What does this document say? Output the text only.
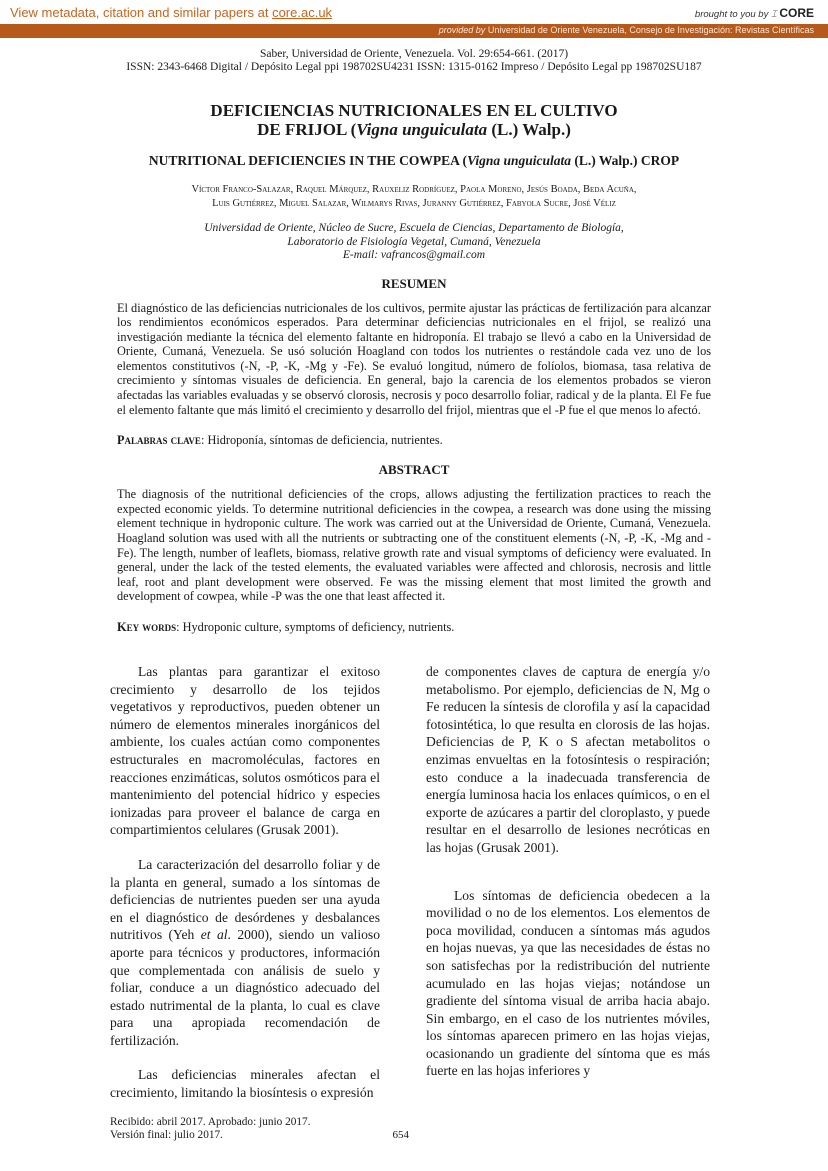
View metadata, citation and similar papers at core.ac.uk	brought to you by ⌶ CORE
provided by Universidad de Oriente Venezuela, Consejo de Investigación: Revistas Científicas
Saber, Universidad de Oriente, Venezuela. Vol. 29:654-661. (2017)
ISSN: 2343-6468 Digital / Depósito Legal ppi 198702SU4231 ISSN: 1315-0162 Impreso / Depósito Legal pp 198702SU187
DEFICIENCIAS NUTRICIONALES EN EL CULTIVO
DE FRIJOL (Vigna unguiculata (L.) Walp.)
NUTRITIONAL DEFICIENCIES IN THE COWPEA (Vigna unguiculata (L.) Walp.) CROP
Víctor Franco-Salazar, Raquel Márquez, Rauxeliz Rodríguez, Paola Moreno, Jesús Boada, Beda Acuña,
Luis Gutiérrez, Miguel Salazar, Wilmarys Rivas, Juranny Gutiérrez, Fabyola Sucre, José Véliz
Universidad de Oriente, Núcleo de Sucre, Escuela de Ciencias, Departamento de Biología,
Laboratorio de Fisiología Vegetal, Cumaná, Venezuela
E-mail: vafrancos@gmail.com
RESUMEN
El diagnóstico de las deficiencias nutricionales de los cultivos, permite ajustar las prácticas de fertilización para alcanzar los rendimientos económicos esperados. Para determinar deficiencias nutricionales en el frijol, se realizó una investigación mediante la técnica del elemento faltante en hidroponía. El trabajo se llevó a cabo en la Universidad de Oriente, Cumaná, Venezuela. Se usó solución Hoagland con todos los nutrientes o restándole cada vez uno de los elementos constitutivos (-N, -P, -K, -Mg y -Fe). Se evaluó longitud, número de folíolos, biomasa, tasa relativa de crecimiento y síntomas visuales de deficiencia. En general, bajo la carencia de los elementos probados se vieron afectadas las variables evaluadas y se observó clorosis, necrosis y poco desarrollo foliar, radical y de la planta. El Fe fue el elemento faltante que más limitó el crecimiento y desarrollo del frijol, mientras que el -P fue el que menos lo afectó.
Palabras clave: Hidroponía, síntomas de deficiencia, nutrientes.
ABSTRACT
The diagnosis of the nutritional deficiencies of the crops, allows adjusting the fertilization practices to reach the expected economic yields. To determine nutritional deficiencies in the cowpea, a research was done using the missing element technique in hydroponic culture. The work was carried out at the Universidad de Oriente, Cumaná, Venezuela. Hoagland solution was used with all the nutrients or subtracting one of the constituent elements (-N, -P, -K, -Mg and -Fe). The length, number of leaflets, biomass, relative growth rate and visual symptoms of deficiency were evaluated. In general, under the lack of the tested elements, the evaluated variables were affected and chlorosis, necrosis and little leaf, root and plant development were observed. Fe was the missing element that most limited the growth and development of cowpea, while -P was the one that least affected it.
Key words: Hydroponic culture, symptoms of deficiency, nutrients.

Las plantas para garantizar el exitoso crecimiento y desarrollo de los tejidos vegetativos y reproductivos, pueden obtener un número de elementos minerales inorgánicos del ambiente, los cuales actúan como componentes estructurales en macromoléculas, factores en reacciones enzimáticas, solutos osmóticos para el mantenimiento del potencial hídrico y especies ionizadas para proveer el balance de carga en compartimientos celulares (Grusak 2001).

La caracterización del desarrollo foliar y de la planta en general, sumado a los síntomas de deficiencias de nutrientes pueden ser una ayuda en el diagnóstico de desórdenes y desbalances nutritivos (Yeh et al. 2000), siendo un valioso aporte para técnicos y productores, información que complementada con análisis de suelo y foliar, conduce a un diagnóstico adecuado del estado nutrimental de la planta, lo cual es clave para una apropiada recomendación de fertilización.

Las deficiencias minerales afectan el crecimiento, limitando la biosíntesis o expresión

de componentes claves de captura de energía y/o metabolismo. Por ejemplo, deficiencias de N, Mg o Fe reducen la síntesis de clorofila y así la capacidad fotosintética, lo que resulta en clorosis de las hojas. Deficiencias de P, K o S afectan metabolitos o enzimas envueltas en la fotosíntesis o respiración; esto conduce a la inadecuada transferencia de energía luminosa hacia los enlaces químicos, o en el exporte de azúcares a partir del cloroplasto, y puede resultar en el desarrollo de lesiones necróticas en las hojas (Grusak 2001).

Los síntomas de deficiencia obedecen a la movilidad o no de los elementos. Los elementos de poca movilidad, conducen a síntomas más agudos en hojas nuevas, ya que las necesidades de éstas no son satisfechas por la redistribución del nutriente acumulado en las hojas viejas; notándose un gradiente del síntoma visual de arriba hacia abajo. Sin embargo, en el caso de los nutrientes móviles, los síntomas aparecen primero en las hojas viejas, ocasionando un gradiente del síntoma que es más fuerte en las hojas inferiores y

Recibido: abril 2017. Aprobado: junio 2017.
Versión final: julio 2017.	654
